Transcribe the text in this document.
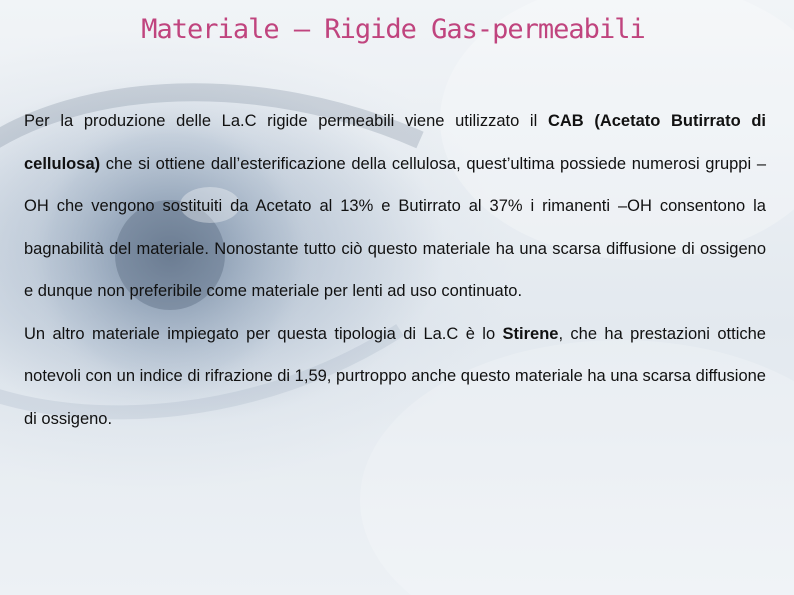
Materiale – Rigide Gas-permeabili

Per la produzione delle La.C rigide permeabili viene utilizzato il CAB (Acetato Butirrato di cellulosa) che si ottiene dall’esterificazione della cellulosa, quest’ultima possiede numerosi gruppi –OH che vengono sostituiti da Acetato al 13% e Butirrato al 37% i rimanenti –OH consentono la bagnabilità del materiale. Nonostante tutto ciò questo materiale ha una scarsa diffusione di ossigeno e dunque non preferibile come materiale per lenti ad uso continuato.

Un altro materiale impiegato per questa tipologia di La.C è lo Stirene, che ha prestazioni ottiche notevoli con un indice di rifrazione di 1,59, purtroppo anche questo materiale ha una scarsa diffusione di ossigeno.
